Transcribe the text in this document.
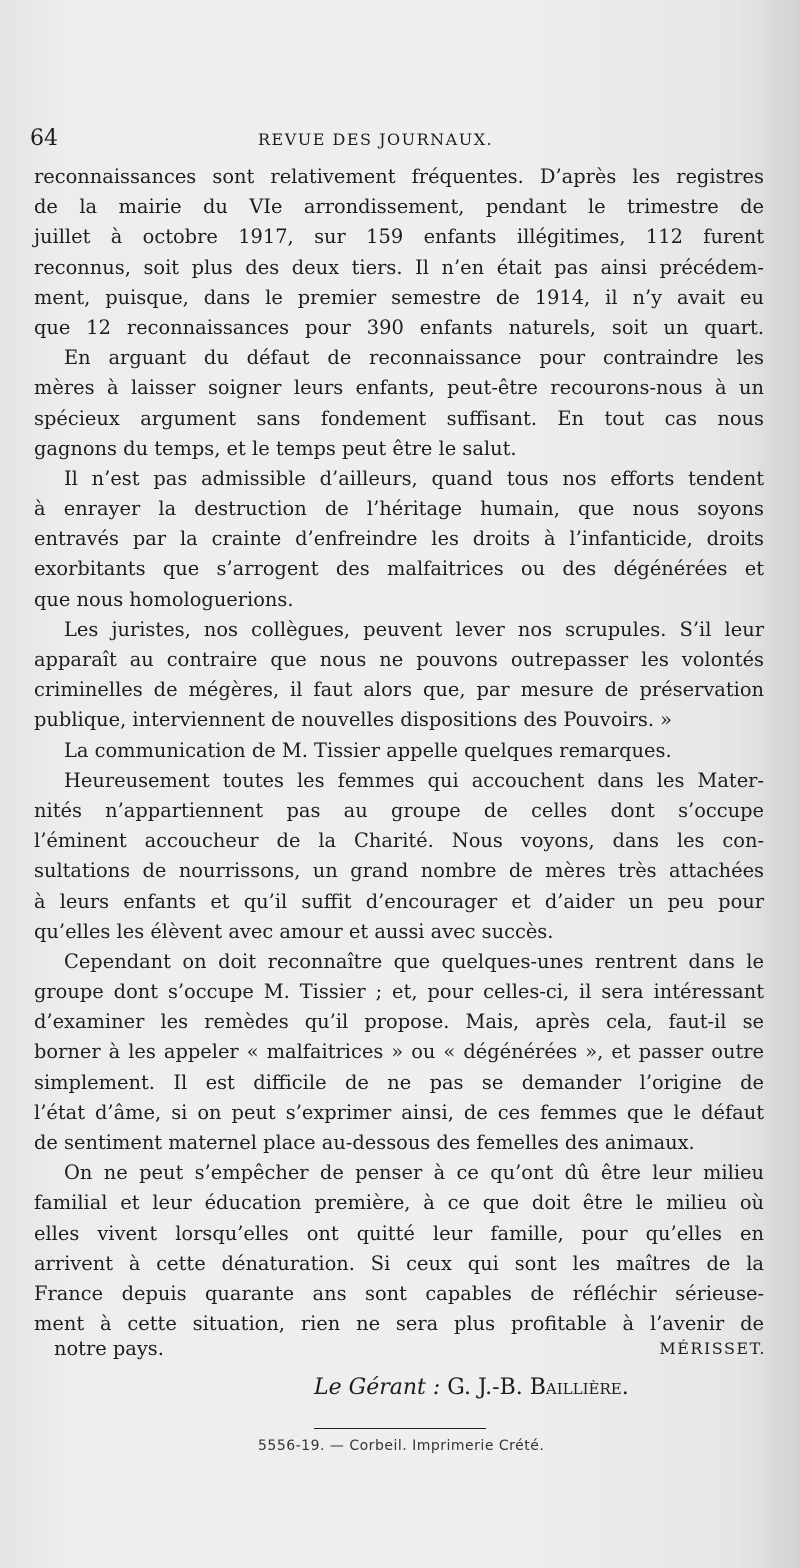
64	REVUE DES JOURNAUX.
reconnaissances sont relativement fréquentes. D’après les registres
de la mairie du VIe arrondissement, pendant le trimestre de
juillet à octobre 1917, sur 159 enfants illégitimes, 112 furent
reconnus, soit plus des deux tiers. Il n’en était pas ainsi précédem-
ment, puisque, dans le premier semestre de 1914, il n’y avait eu
que 12 reconnaissances pour 390 enfants naturels, soit un quart.
En arguant du défaut de reconnaissance pour contraindre les
mères à laisser soigner leurs enfants, peut-être recourons-nous à un
spécieux argument sans fondement suffisant. En tout cas nous
gagnons du temps, et le temps peut être le salut.
Il n’est pas admissible d’ailleurs, quand tous nos efforts tendent
à enrayer la destruction de l’héritage humain, que nous soyons
entravés par la crainte d’enfreindre les droits à l’infanticide, droits
exorbitants que s’arrogent des malfaitrices ou des dégénérées et
que nous homologuerions.
Les juristes, nos collègues, peuvent lever nos scrupules. S’il leur
apparaît au contraire que nous ne pouvons outrepasser les volontés
criminelles de mégères, il faut alors que, par mesure de préservation
publique, interviennent de nouvelles dispositions des Pouvoirs. »
La communication de M. Tissier appelle quelques remarques.
Heureusement toutes les femmes qui accouchent dans les Mater-
nités n’appartiennent pas au groupe de celles dont s’occupe
l’éminent accoucheur de la Charité. Nous voyons, dans les con-
sultations de nourrissons, un grand nombre de mères très attachées
à leurs enfants et qu’il suffit d’encourager et d’aider un peu pour
qu’elles les élèvent avec amour et aussi avec succès.
Cependant on doit reconnaître que quelques-unes rentrent dans le
groupe dont s’occupe M. Tissier ; et, pour celles-ci, il sera intéressant
d’examiner les remèdes qu’il propose. Mais, après cela, faut-il se
borner à les appeler « malfaitrices » ou « dégénérées », et passer outre
simplement. Il est difficile de ne pas se demander l’origine de
l’état d’âme, si on peut s’exprimer ainsi, de ces femmes que le défaut
de sentiment maternel place au-dessous des femelles des animaux.
On ne peut s’empêcher de penser à ce qu’ont dû être leur milieu
familial et leur éducation première, à ce que doit être le milieu où
elles vivent lorsqu’elles ont quitté leur famille, pour qu’elles en
arrivent à cette dénaturation. Si ceux qui sont les maîtres de la
France depuis quarante ans sont capables de réfléchir sérieuse-
ment à cette situation, rien ne sera plus profitable à l’avenir de
notre pays.	MÉRISSET.
Le Gérant : G. J.-B. Baillière.
5556-19. — Corbeil. Imprimerie Crété.
